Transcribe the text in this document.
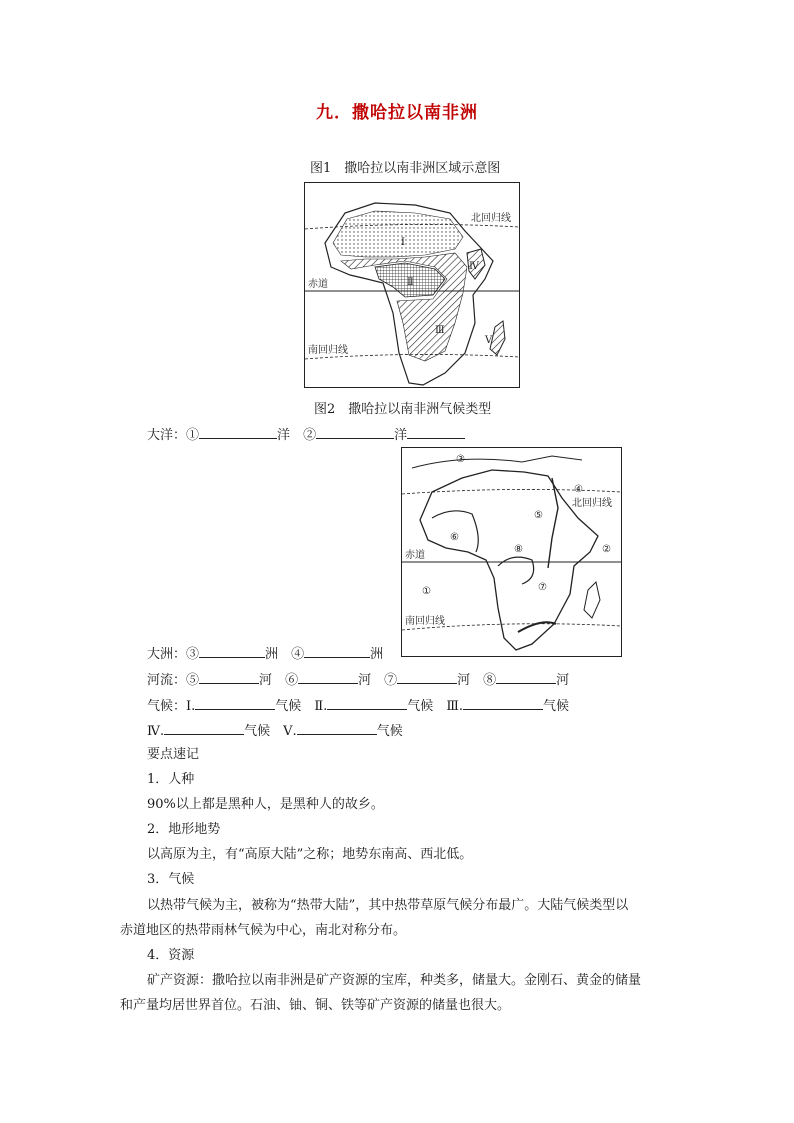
九．撒哈拉以南非洲
图1　撒哈拉以南非洲区域示意图
北回归线
赤道
南回归线
Ⅰ
Ⅱ
Ⅲ
Ⅳ
Ⅴ
图2　撒哈拉以南非洲气候类型
大洋：①	洋　 ②	洋
北回归线
赤道
南回归线
①
②
③
④
⑤
⑥
⑦
⑧
大洲：③	洲　 ④	洲
河流：⑤	河　 ⑥	河　 ⑦	河　 ⑧	河
气候：Ⅰ.	气候　 Ⅱ.	气候　 Ⅲ.	气候
Ⅳ.	气候　 Ⅴ.	气候
要点速记
1．人种
90%以上都是黑种人，是黑种人的故乡。
2．地形地势
以高原为主，有“高原大陆”之称；地势东南高、西北低。
3．气候
以热带气候为主，被称为“热带大陆”，其中热带草原气候分布最广。大陆气候类型以
赤道地区的热带雨林气候为中心，南北对称分布。
4．资源
矿产资源：撒哈拉以南非洲是矿产资源的宝库，种类多，储量大。金刚石、黄金的储量
和产量均居世界首位。石油、铀、铜、铁等矿产资源的储量也很大。
